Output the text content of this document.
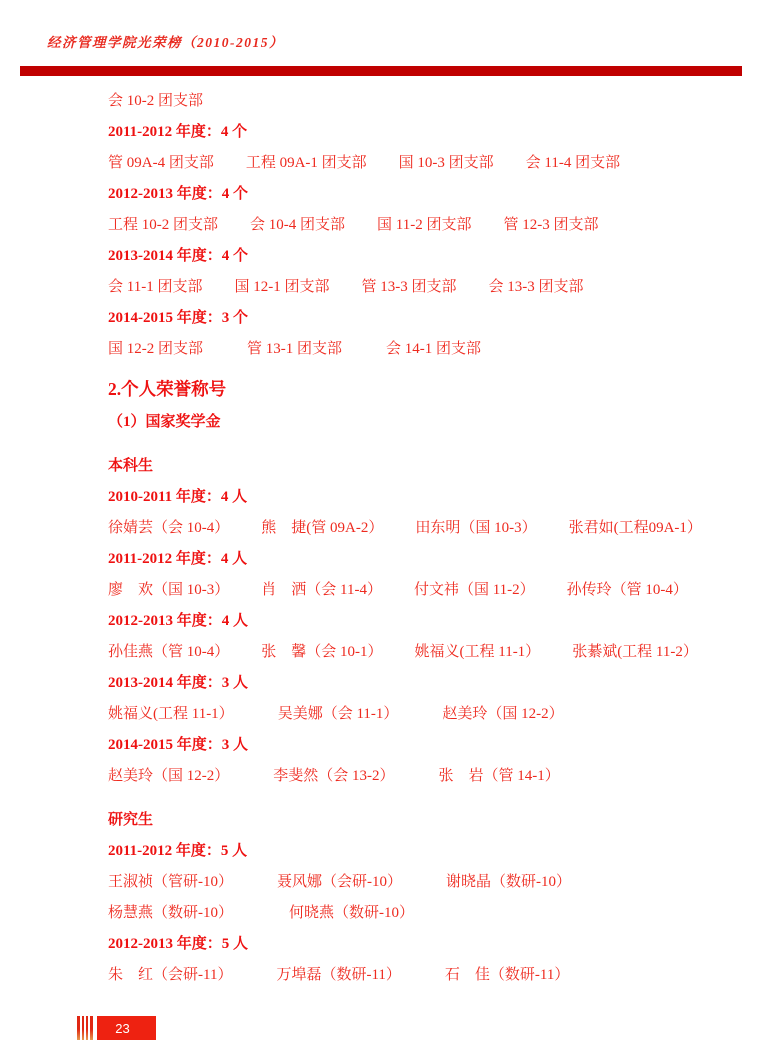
经济管理学院光荣榜（2010-2015）
会 10-2 团支部
2011-2012 年度：4 个
管 09A-4 团支部 工程 09A-1 团支部 国 10-3 团支部 会 11-4 团支部
2012-2013 年度：4 个
工程 10-2 团支部 会 10-4 团支部 国 11-2 团支部 管 12-3 团支部
2013-2014 年度：4 个
会 11-1 团支部 国 12-1 团支部 管 13-3 团支部 会 13-3 团支部
2014-2015 年度：3 个
国 12-2 团支部	管 13-1 团支部	会 14-1 团支部
2.个人荣誉称号
（1）国家奖学金
本科生
2010-2011 年度：4 人
徐婧芸（会 10-4） 熊　捷(管 09A-2） 田东明（国 10-3） 张君如(工程09A-1）
2011-2012 年度：4 人
廖　欢（国 10-3） 肖　洒（会 11-4） 付文祎（国 11-2） 孙传玲（管 10-4）
2012-2013 年度：4 人
孙佳燕（管 10-4） 张　馨（会 10-1） 姚福义(工程 11-1） 张綦斌(工程 11-2）
2013-2014 年度：3 人
姚福义(工程 11-1）	吴美娜（会 11-1）	赵美玲（国 12-2）
2014-2015 年度：3 人
赵美玲（国 12-2）	李斐然（会 13-2）	张　岩（管 14-1）
研究生
2011-2012 年度：5 人
王淑祯（管研-10）	聂风娜（会研-10）	谢晓晶（数研-10）
杨慧燕（数研-10）	何晓燕（数研-10）
2012-2013 年度：5 人
朱　红（会研-11）	万埠磊（数研-11）	石　佳（数研-11）
23
